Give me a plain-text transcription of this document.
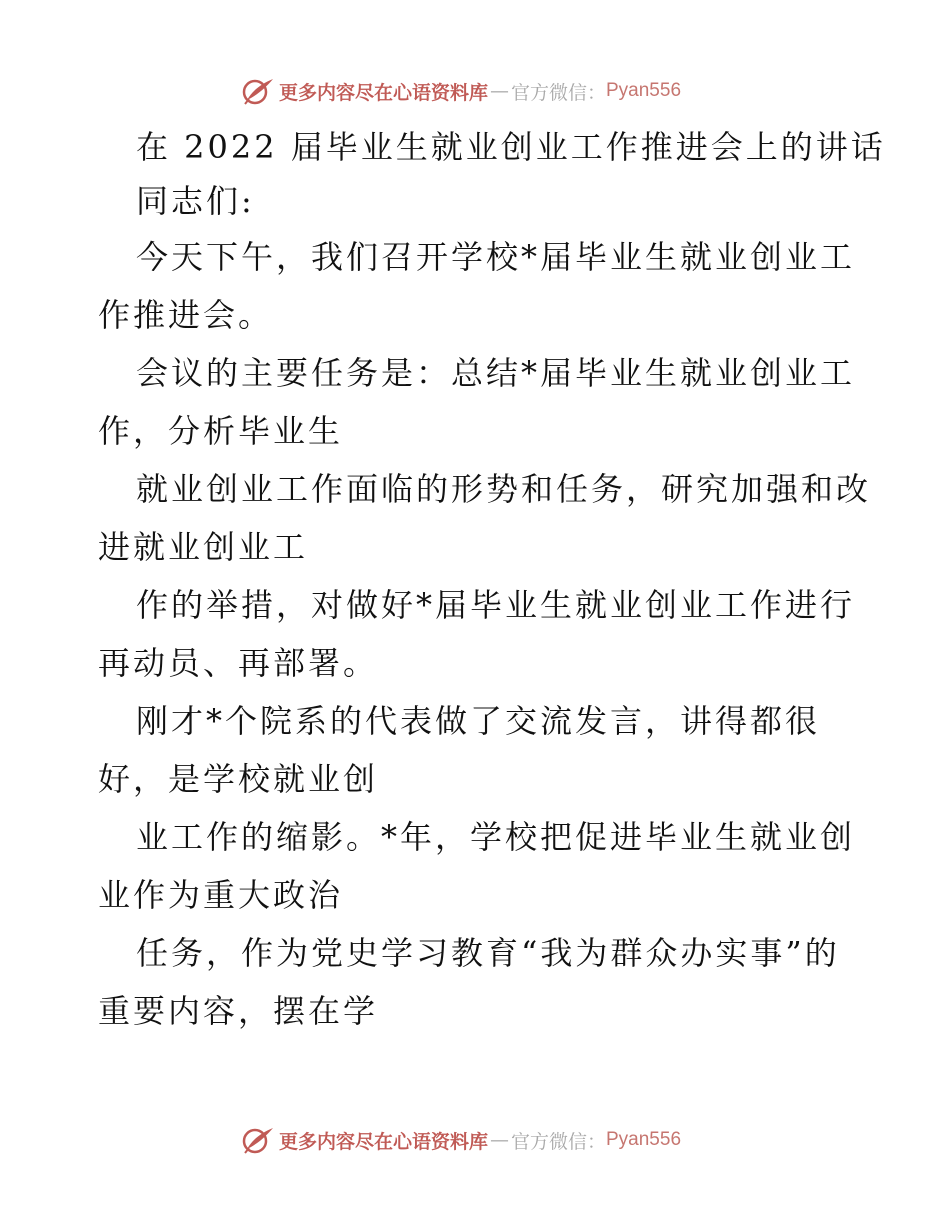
更多内容尽在心语资料库 — 官方微信： Pyan556
在 2022 届毕业生就业创业工作推进会上的讲话
同志们:
今天下午，我们召开学校*届毕业生就业创业工
作推进会。
会议的主要任务是：总结*届毕业生就业创业工
作，分析毕业生
就业创业工作面临的形势和任务，研究加强和改
进就业创业工
作的举措，对做好*届毕业生就业创业工作进行
再动员、再部署。
刚才*个院系的代表做了交流发言，讲得都很
好，是学校就业创
业工作的缩影。*年，学校把促进毕业生就业创
业作为重大政治
任务，作为党史学习教育“我为群众办实事”的
重要内容，摆在学
更多内容尽在心语资料库 — 官方微信： Pyan556
